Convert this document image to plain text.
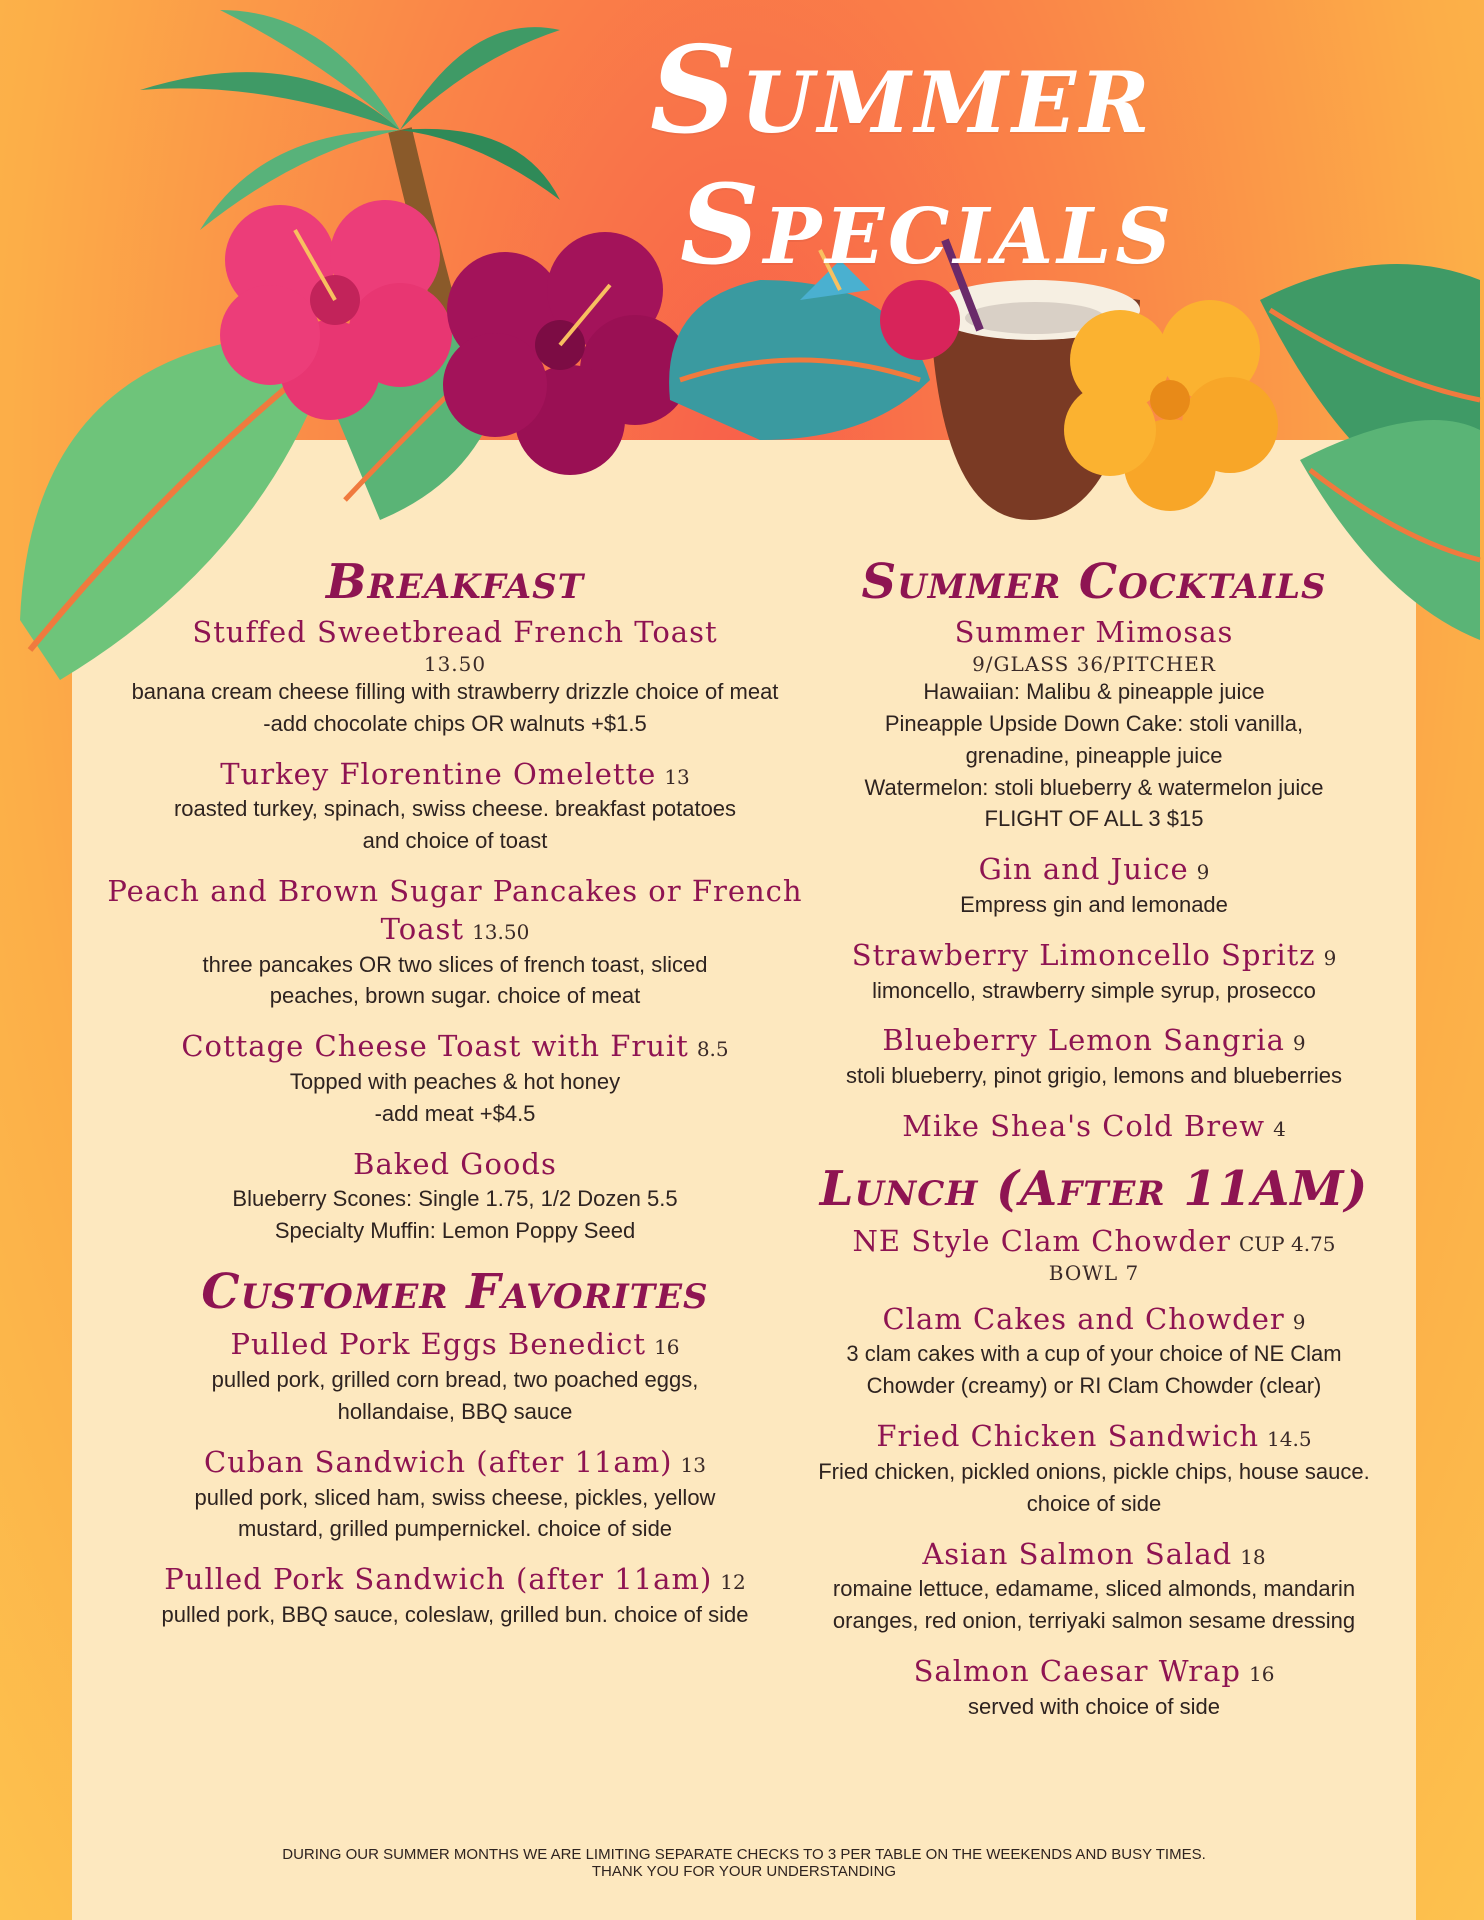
Summer
Specials
Breakfast
Stuffed Sweetbread French Toast
13.50
banana cream cheese filling with strawberry drizzle choice of meat
-add chocolate chips OR walnuts +$1.5
Turkey Florentine Omelette 13
roasted turkey, spinach, swiss cheese. breakfast potatoes and choice of toast
Peach and Brown Sugar Pancakes or French Toast 13.50
three pancakes OR two slices of french toast, sliced peaches, brown sugar. choice of meat
Cottage Cheese Toast with Fruit 8.5
Topped with peaches & hot honey
-add meat +$4.5
Baked Goods
Blueberry Scones: Single 1.75, 1/2 Dozen 5.5
Specialty Muffin: Lemon Poppy Seed
Customer Favorites
Pulled Pork Eggs Benedict 16
pulled pork, grilled corn bread, two poached eggs, hollandaise, BBQ sauce
Cuban Sandwich (after 11am) 13
pulled pork, sliced ham, swiss cheese, pickles, yellow mustard, grilled pumpernickel. choice of side
Pulled Pork Sandwich (after 11am) 12
pulled pork, BBQ sauce, coleslaw, grilled bun. choice of side
Summer Cocktails
Summer Mimosas
9/GLASS 36/PITCHER
Hawaiian: Malibu & pineapple juice
Pineapple Upside Down Cake: stoli vanilla, grenadine, pineapple juice
Watermelon: stoli blueberry & watermelon juice
FLIGHT OF ALL 3 $15
Gin and Juice 9
Empress gin and lemonade
Strawberry Limoncello Spritz 9
limoncello, strawberry simple syrup, prosecco
Blueberry Lemon Sangria 9
stoli blueberry, pinot grigio, lemons and blueberries
Mike Shea's Cold Brew 4
Lunch (After 11AM)
NE Style Clam Chowder CUP 4.75
BOWL 7
Clam Cakes and Chowder 9
3 clam cakes with a cup of your choice of NE Clam Chowder (creamy) or RI Clam Chowder (clear)
Fried Chicken Sandwich 14.5
Fried chicken, pickled onions, pickle chips, house sauce. choice of side
Asian Salmon Salad 18
romaine lettuce, edamame, sliced almonds, mandarin oranges, red onion, terriyaki salmon sesame dressing
Salmon Caesar Wrap 16
served with choice of side
DURING OUR SUMMER MONTHS WE ARE LIMITING SEPARATE CHECKS TO 3 PER TABLE ON THE WEEKENDS AND BUSY TIMES.
THANK YOU FOR YOUR UNDERSTANDING
